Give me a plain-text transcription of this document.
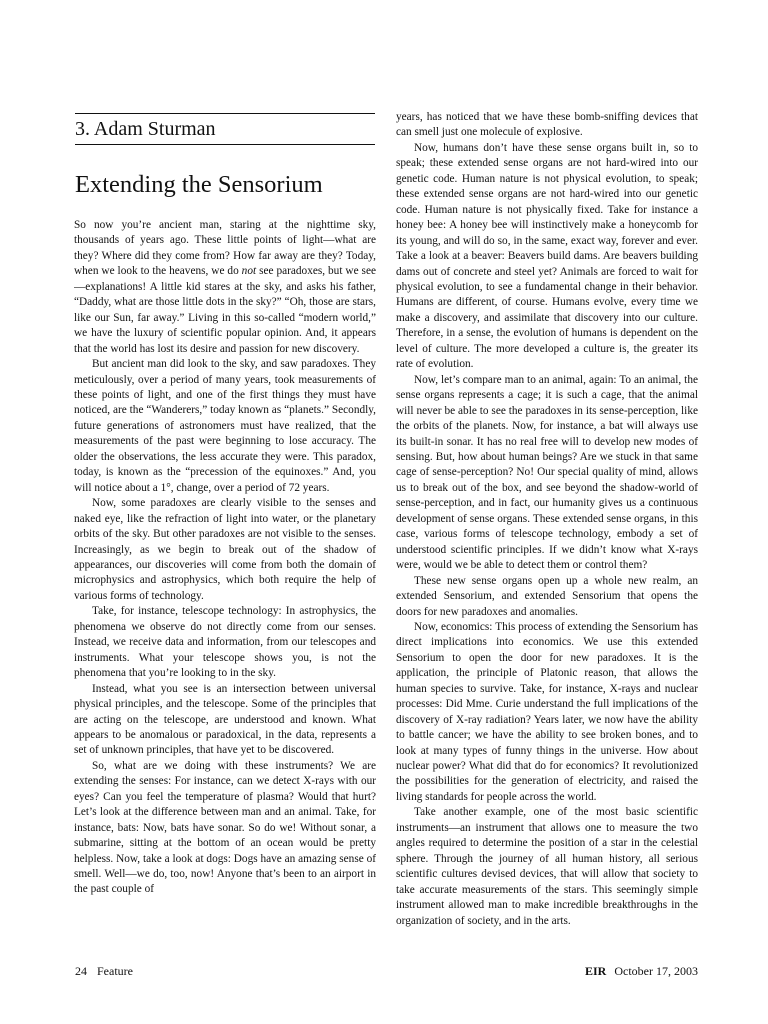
3. Adam Sturman
Extending the Sensorium

So now you’re ancient man, staring at the nighttime sky, thousands of years ago. These little points of light—what are they? Where did they come from? How far away are they? Today, when we look to the heavens, we do not see paradoxes, but we see—explanations! A little kid stares at the sky, and asks his father, “Daddy, what are those little dots in the sky?” “Oh, those are stars, like our Sun, far away.” Living in this so-called “modern world,” we have the luxury of scientific popular opinion. And, it appears that the world has lost its desire and passion for new discovery.

But ancient man did look to the sky, and saw paradoxes. They meticulously, over a period of many years, took measurements of these points of light, and one of the first things they must have noticed, are the “Wanderers,” today known as “planets.” Secondly, future generations of astronomers must have realized, that the measurements of the past were beginning to lose accuracy. The older the observations, the less accurate they were. This paradox, today, is known as the “precession of the equinoxes.” And, you will notice about a 1°, change, over a period of 72 years.

Now, some paradoxes are clearly visible to the senses and naked eye, like the refraction of light into water, or the planetary orbits of the sky. But other paradoxes are not visible to the senses. Increasingly, as we begin to break out of the shadow of appearances, our discoveries will come from both the domain of microphysics and astrophysics, which both require the help of various forms of technology.

Take, for instance, telescope technology: In astrophysics, the phenomena we observe do not directly come from our senses. Instead, we receive data and information, from our telescopes and instruments. What your telescope shows you, is not the phenomena that you’re looking to in the sky.

Instead, what you see is an intersection between universal physical principles, and the telescope. Some of the principles that are acting on the telescope, are understood and known. What appears to be anomalous or paradoxical, in the data, represents a set of unknown principles, that have yet to be discovered.

So, what are we doing with these instruments? We are extending the senses: For instance, can we detect X-rays with our eyes? Can you feel the temperature of plasma? Would that hurt? Let’s look at the difference between man and an animal. Take, for instance, bats: Now, bats have sonar. So do we! Without sonar, a submarine, sitting at the bottom of an ocean would be pretty helpless. Now, take a look at dogs: Dogs have an amazing sense of smell. Well—we do, too, now! Anyone that’s been to an airport in the past couple of

years, has noticed that we have these bomb-sniffing devices that can smell just one molecule of explosive.

Now, humans don’t have these sense organs built in, so to speak; these extended sense organs are not hard-wired into our genetic code. Human nature is not physical evolution, to speak; these extended sense organs are not hard-wired into our genetic code. Human nature is not physically fixed. Take for instance a honey bee: A honey bee will instinctively make a honeycomb for its young, and will do so, in the same, exact way, forever and ever. Take a look at a beaver: Beavers build dams. Are beavers building dams out of concrete and steel yet? Animals are forced to wait for physical evolution, to see a fundamental change in their behavior. Humans are different, of course. Humans evolve, every time we make a discovery, and assimilate that discovery into our culture. Therefore, in a sense, the evolution of humans is dependent on the level of culture. The more developed a culture is, the greater its rate of evolution.

Now, let’s compare man to an animal, again: To an animal, the sense organs represents a cage; it is such a cage, that the animal will never be able to see the paradoxes in its sense-perception, like the orbits of the planets. Now, for instance, a bat will always use its built-in sonar. It has no real free will to develop new modes of sensing. But, how about human beings? Are we stuck in that same cage of sense-perception? No! Our special quality of mind, allows us to break out of the box, and see beyond the shadow-world of sense-perception, and in fact, our humanity gives us a continuous development of sense organs. These extended sense organs, in this case, various forms of telescope technology, embody a set of understood scientific principles. If we didn’t know what X-rays were, would we be able to detect them or control them?

These new sense organs open up a whole new realm, an extended Sensorium, and extended Sensorium that opens the doors for new paradoxes and anomalies.

Now, economics: This process of extending the Sensorium has direct implications into economics. We use this extended Sensorium to open the door for new paradoxes. It is the application, the principle of Platonic reason, that allows the human species to survive. Take, for instance, X-rays and nuclear processes: Did Mme. Curie understand the full implications of the discovery of X-ray radiation? Years later, we now have the ability to battle cancer; we have the ability to see broken bones, and to look at many types of funny things in the universe. How about nuclear power? What did that do for economics? It revolutionized the possibilities for the generation of electricity, and raised the living standards for people across the world.

Take another example, one of the most basic scientific instruments—an instrument that allows one to measure the two angles required to determine the position of a star in the celestial sphere. Through the journey of all human history, all serious scientific cultures devised devices, that will allow that society to take accurate measurements of the stars. This seemingly simple instrument allowed man to make incredible breakthroughs in the organization of society, and in the arts.

24 Feature	EIR October 17, 2003
